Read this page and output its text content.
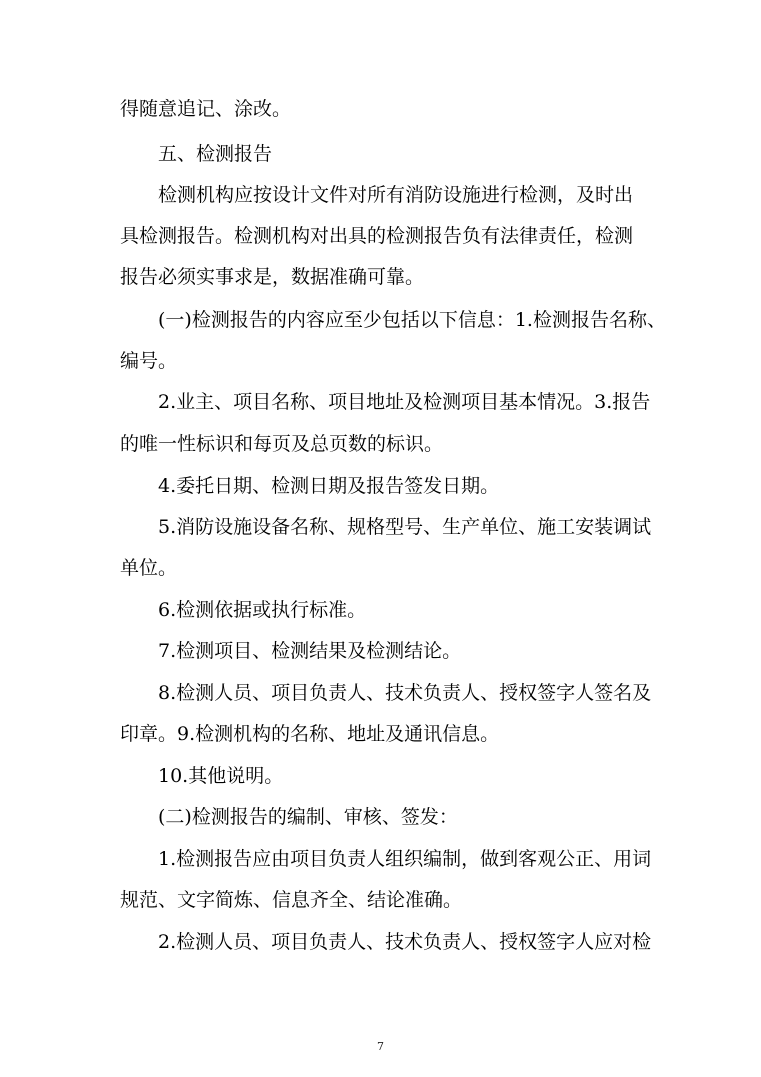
得随意追记、涂改。
五、检测报告
检测机构应按设计文件对所有消防设施进行检测，及时出
具检测报告。检测机构对出具的检测报告负有法律责任，检测
报告必须实事求是，数据准确可靠。
(一)检测报告的内容应至少包括以下信息：1.检测报告名称、
编号。
2.业主、项目名称、项目地址及检测项目基本情况。3.报告
的唯一性标识和每页及总页数的标识。
4.委托日期、检测日期及报告签发日期。
5.消防设施设备名称、规格型号、生产单位、施工安装调试
单位。
6.检测依据或执行标准。
7.检测项目、检测结果及检测结论。
8.检测人员、项目负责人、技术负责人、授权签字人签名及
印章。9.检测机构的名称、地址及通讯信息。
10.其他说明。
(二)检测报告的编制、审核、签发：
1.检测报告应由项目负责人组织编制，做到客观公正、用词
规范、文字简炼、信息齐全、结论准确。
2.检测人员、项目负责人、技术负责人、授权签字人应对检
7
